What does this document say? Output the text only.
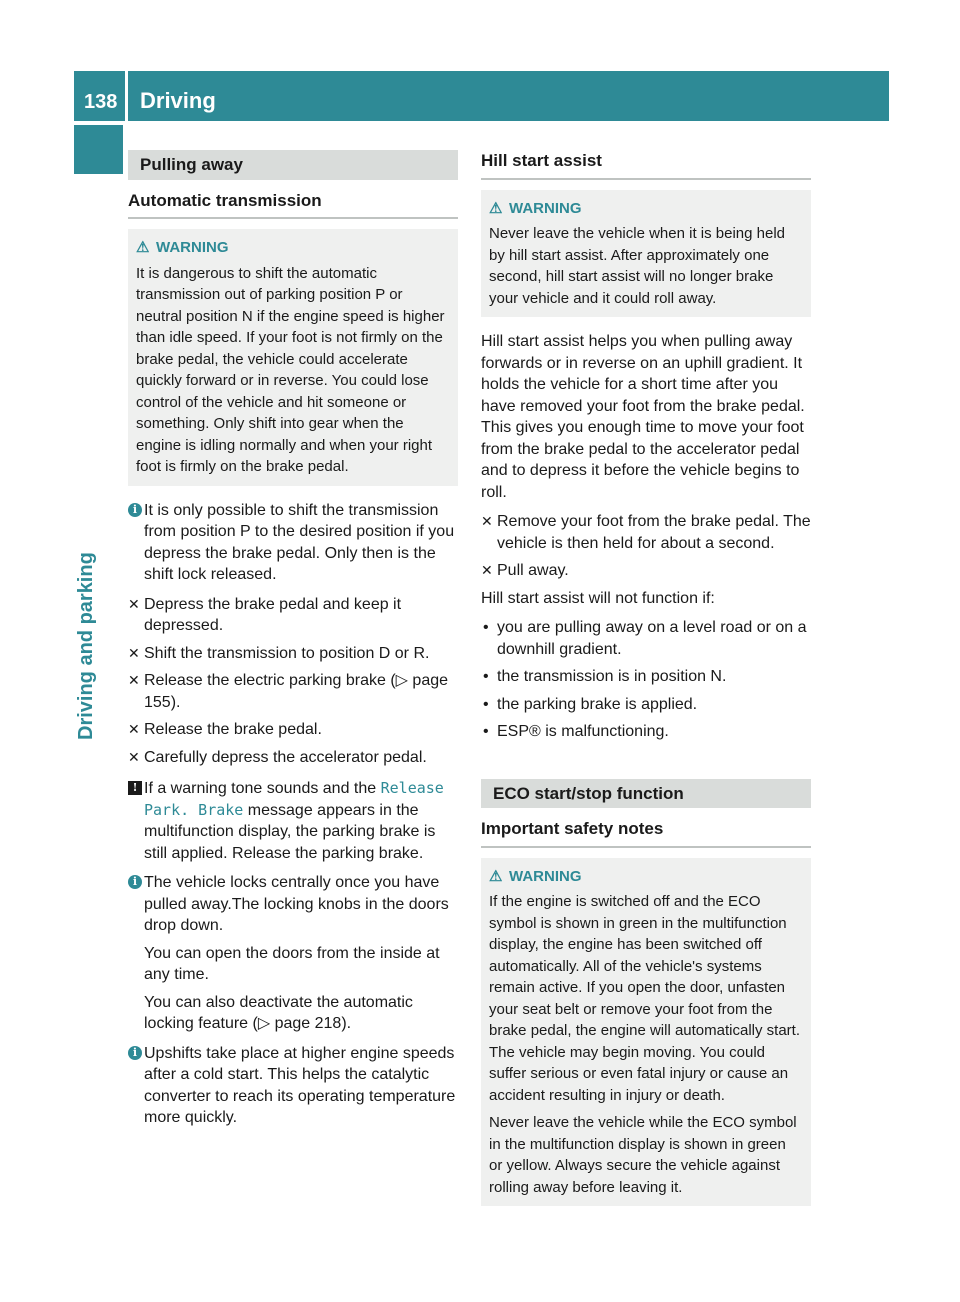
138 Driving
Driving and parking
Pulling away
Automatic transmission
⚠ WARNING
It is dangerous to shift the automatic transmission out of parking position P or neutral position N if the engine speed is higher than idle speed. If your foot is not firmly on the brake pedal, the vehicle could accelerate quickly forward or in reverse. You could lose control of the vehicle and hit someone or something. Only shift into gear when the engine is idling normally and when your right foot is firmly on the brake pedal.
i It is only possible to shift the transmission from position P to the desired position if you depress the brake pedal. Only then is the shift lock released.
✕ Depress the brake pedal and keep it depressed.
✕ Shift the transmission to position D or R.
✕ Release the electric parking brake (▷ page 155).
✕ Release the brake pedal.
✕ Carefully depress the accelerator pedal.
! If a warning tone sounds and the Release Park. Brake message appears in the multifunction display, the parking brake is still applied. Release the parking brake.
i The vehicle locks centrally once you have pulled away.The locking knobs in the doors drop down.
You can open the doors from the inside at any time.
You can also deactivate the automatic locking feature (▷ page 218).
i Upshifts take place at higher engine speeds after a cold start. This helps the catalytic converter to reach its operating temperature more quickly.
Hill start assist
⚠ WARNING
Never leave the vehicle when it is being held by hill start assist. After approximately one second, hill start assist will no longer brake your vehicle and it could roll away.
Hill start assist helps you when pulling away forwards or in reverse on an uphill gradient. It holds the vehicle for a short time after you have removed your foot from the brake pedal. This gives you enough time to move your foot from the brake pedal to the accelerator pedal and to depress it before the vehicle begins to roll.
✕ Remove your foot from the brake pedal. The vehicle is then held for about a second.
✕ Pull away.
Hill start assist will not function if:
• you are pulling away on a level road or on a downhill gradient.
• the transmission is in position N.
• the parking brake is applied.
• ESP® is malfunctioning.
ECO start/stop function
Important safety notes
⚠ WARNING
If the engine is switched off and the ECO symbol is shown in green in the multifunction display, the engine has been switched off automatically. All of the vehicle's systems remain active. If you open the door, unfasten your seat belt or remove your foot from the brake pedal, the engine will automatically start. The vehicle may begin moving. You could suffer serious or even fatal injury or cause an accident resulting in injury or death.
Never leave the vehicle while the ECO symbol in the multifunction display is shown in green or yellow. Always secure the vehicle against rolling away before leaving it.
